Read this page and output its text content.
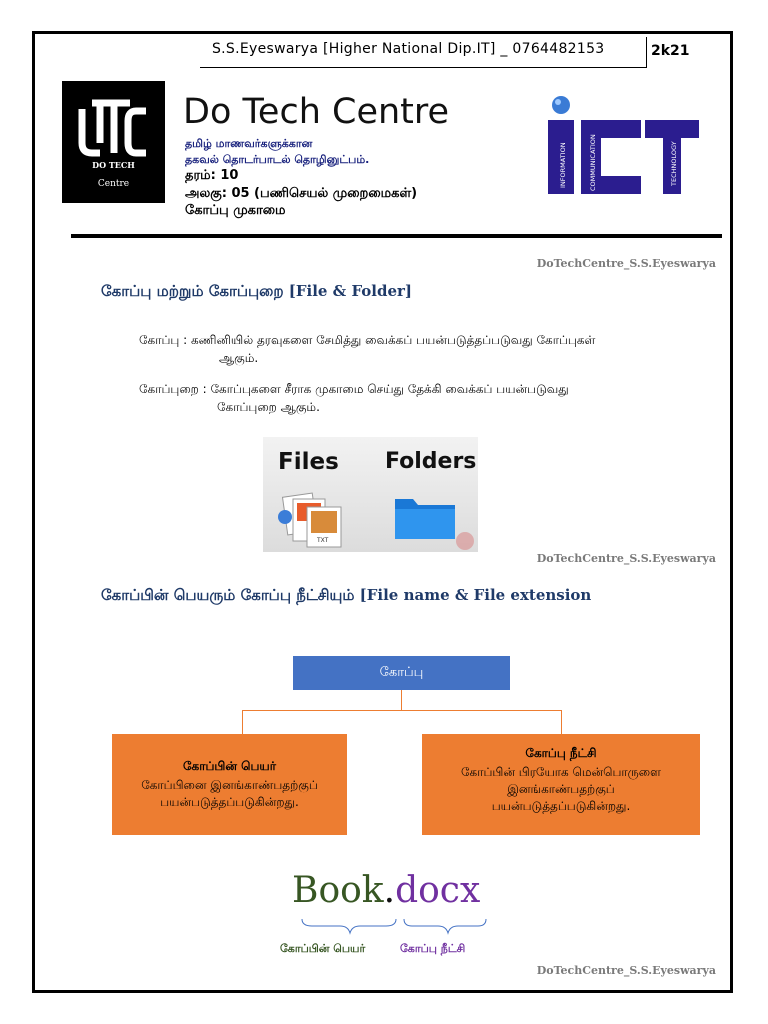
S.S.Eyeswarya [Higher National Dip.IT] _ 0764482153	2k21
DO TECH
Centre
Do Tech Centre
தமிழ் மாணவர்களுக்கான
தகவல் தொடர்பாடல் தொழினுட்பம்.
தரம்: 10
அலகு: 05 (பணிசெயல் முறைமைகள்)
கோப்பு முகாமை
INFORMATION	COMMUNICATION	TECHNOLOGY
DoTechCentre_S.S.Eyeswarya
கோப்பு மற்றும் கோப்புறை [File & Folder]
கோப்பு : கணினியில் தரவுகளை சேமித்து வைக்கப் பயன்படுத்தப்படுவது கோப்புகள்
ஆகும்.
கோப்புறை : கோப்புகளை சீராக முகாமை செய்து தேக்கி வைக்கப் பயன்படுவது
கோப்புறை ஆகும்.
TXT
Files Folders
DoTechCentre_S.S.Eyeswarya
கோப்பின் பெயரும் கோப்பு நீட்சியும் [File name & File extension
கோப்பு
கோப்பின் பெயர்
கோப்பினை இனங்காண்பதற்குப்
பயன்படுத்தப்படுகின்றது.
கோப்பு நீட்சி
கோப்பின் பிரயோக மென்பொருளை
இனங்காண்பதற்குப்
பயன்படுத்தப்படுகின்றது.
Book.docx
கோப்பின் பெயர்	கோப்பு நீட்சி
DoTechCentre_S.S.Eyeswarya
